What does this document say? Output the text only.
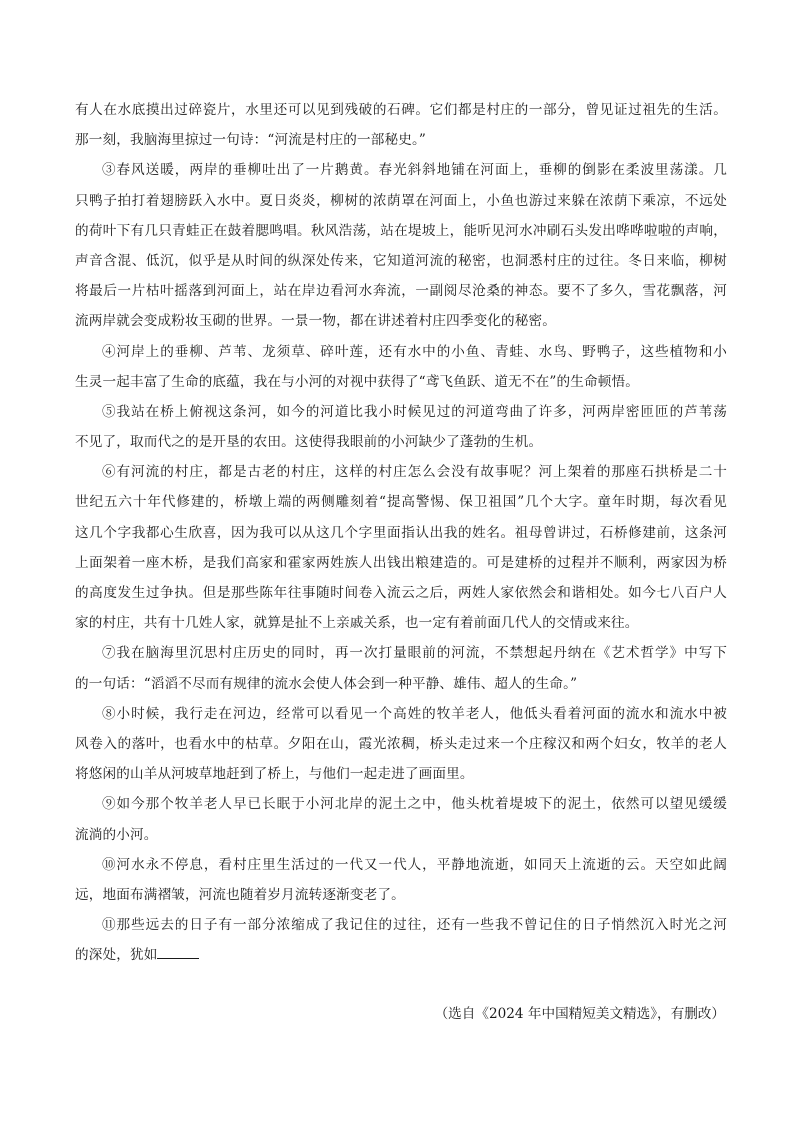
有人在水底摸出过碎瓷片，水里还可以见到残破的石碑。它们都是村庄的一部分，曾见证过祖先的生活。
那一刻，我脑海里掠过一句诗：“河流是村庄的一部秘史。”
③春风送暖，两岸的垂柳吐出了一片鹅黄。春光斜斜地铺在河面上，垂柳的倒影在柔波里荡漾。几
只鸭子拍打着翅膀跃入水中。夏日炎炎，柳树的浓荫罩在河面上，小鱼也游过来躲在浓荫下乘凉，不远处
的荷叶下有几只青蛙正在鼓着腮鸣唱。秋风浩荡，站在堤坡上，能听见河水冲刷石头发出哗哗啦啦的声响，
声音含混、低沉，似乎是从时间的纵深处传来，它知道河流的秘密，也洞悉村庄的过往。冬日来临，柳树
将最后一片枯叶摇落到河面上，站在岸边看河水奔流，一副阅尽沧桑的神态。要不了多久，雪花飘落，河
流两岸就会变成粉妆玉砌的世界。一景一物，都在讲述着村庄四季变化的秘密。
④河岸上的垂柳、芦苇、龙须草、碎叶莲，还有水中的小鱼、青蛙、水鸟、野鸭子，这些植物和小
生灵一起丰富了生命的底蕴，我在与小河的对视中获得了“鸢飞鱼跃、道无不在”的生命顿悟。
⑤我站在桥上俯视这条河，如今的河道比我小时候见过的河道弯曲了许多，河两岸密匝匝的芦苇荡
不见了，取而代之的是开垦的农田。这使得我眼前的小河缺少了蓬勃的生机。
⑥有河流的村庄，都是古老的村庄，这样的村庄怎么会没有故事呢？河上架着的那座石拱桥是二十
世纪五六十年代修建的，桥墩上端的两侧雕刻着“提高警惕、保卫祖国”几个大字。童年时期，每次看见
这几个字我都心生欣喜，因为我可以从这几个字里面指认出我的姓名。祖母曾讲过，石桥修建前，这条河
上面架着一座木桥，是我们高家和霍家两姓族人出钱出粮建造的。可是建桥的过程并不顺利，两家因为桥
的高度发生过争执。但是那些陈年往事随时间卷入流云之后，两姓人家依然会和谐相处。如今七八百户人
家的村庄，共有十几姓人家，就算是扯不上亲戚关系，也一定有着前面几代人的交情或来往。
⑦我在脑海里沉思村庄历史的同时，再一次打量眼前的河流，不禁想起丹纳在《艺术哲学》中写下
的一句话：“滔滔不尽而有规律的流水会使人体会到一种平静、雄伟、超人的生命。”
⑧小时候，我行走在河边，经常可以看见一个高姓的牧羊老人，他低头看着河面的流水和流水中被
风卷入的落叶，也看水中的枯草。夕阳在山，霞光浓稠，桥头走过来一个庄稼汉和两个妇女，牧羊的老人
将悠闲的山羊从河坡草地赶到了桥上，与他们一起走进了画面里。
⑨如今那个牧羊老人早已长眠于小河北岸的泥土之中，他头枕着堤坡下的泥土，依然可以望见缓缓
流淌的小河。
⑩河水永不停息，看村庄里生活过的一代又一代人，平静地流逝，如同天上流逝的云。天空如此阔
远，地面布满褶皱，河流也随着岁月流转逐渐变老了。
⑪那些远去的日子有一部分浓缩成了我记住的过往，还有一些我不曾记住的日子悄然沉入时光之河
的深处，犹如
（选自《2024 年中国精短美文精选》，有删改）
